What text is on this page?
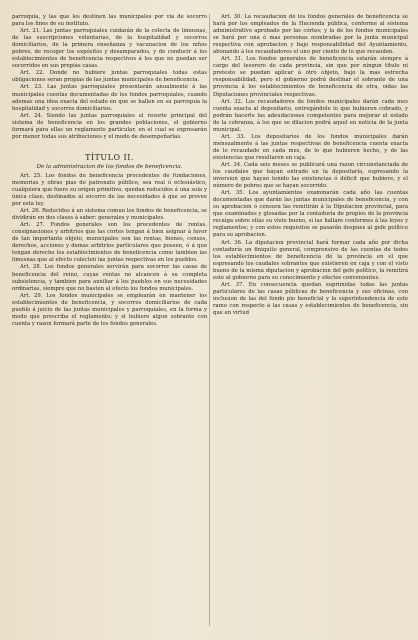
parroquia, y las que les destinen las municipales por via de socorro para los fines de su instituto.

Art. 21. Las juntas parroquiales cuidarán de la colecta de limosnas, de las suscripciones voluntarias, de la hospitalidad y socorros domiciliarios, de la primera enseñanza y vacunacion de los niños pobres, de recoger los expósitos y desamparados, y de conducir á los establecimientos de beneficencia respectivos á los que no puedan ser socorridos en sus propias casas.

Art. 22. Donde no hubiere juntas parroquiales todas estas obligaciones seran propias de las juntas municipales de beneficencia.

Art. 23. Las juntas parroquiales presentarán anualmente á las municipales cuentas documentadas de los fondos parroquiales, cuando ademas una idea exacta del estado en que se hallen en su parroquia la hospitalidad y socorros domiciliarios.

Art. 24. Siendo las juntas parroquiales el resorte principal del sistema de beneficencia en los grandes poblaciones, el gobierno formará para ellas un reglamento particular, en el cual se expresarán por menor todas sus atribuciones y el modo de desempeñarlas.

TÍTULO II.
De la administracion de los fondos de beneficencia.

Art. 25. Los fondos de beneficencia procedentes de fundaciones, memorias y obras pias de patronato público, sea real ó eclesiástico, cualquiera que fuere su origen primitivo, quedan reducidos á una sola y única clase, destinados al socorro de las necesidades á que se provee por esta ley.

Art. 26. Reducidos á un sistema comun los fondos de beneficencia, se dividirán en dos clases á saber: generales y municipales.

Art. 27. Fondos generales son los procedentes de rentas, consignaciones y arbitrios que las córtes tengan á bien asignar á favor de tan importante objeto, municipales son las rentas, bienes, censos, derechos, acciones y demas arbitrios particulares que poseen, ó á que tengan derecho los establecimientos de beneficencia como tambien las limosnas que al efecto colecten las juntas respectivas en los pueblos.

Art. 28. Los fondos generales servirán para socorrer las casas de beneficencia del reino, cuyas rentas no alcancen á su completa subsistencia, y tambien para auxiliar á los pueblos en sus necesidades ordinarias, siempre que no basten al efecto los fondos municipales.

Art. 29. Los fondos municipales se emplearán en mantener los establecimientos de beneficencia, y socorros domiciliarios de cada pueblo á juicio de las juntas municipales y parroquiales, en la forma y modo que prescriba el reglamento; y si hubiere algun sobrante con cuenta y razon formará parte de los fondos generales.

Art. 30. La recaudacion de los fondos generales de beneficencia se hará por los empleados de la Hacienda pública, conforme al sistema administrativo aprobado por las córtes; y la de los fondos municipales se hará por una ó mas personas nombradas por la junta municipal respectiva con aprobacion y bajo responsabilidad del Ayuntamiento, abonando á los recaudadores el uno por ciento de lo que recauden.

Art. 31. Los fondos generales de beneficencia estarán siempre á cargo del tesorero de cada provincia, sin que por ningun titulo ni pretesto se puedan aplicar á otro objeto, bajo la mas estrecha responsabilidad, pero el gobierno podrá destinar el sobrante de una provincia á los establecimientos de beneficencia de otra, oidas las Diputaciones provinciales respectivas.

Art. 32. Los recaudadores de fondos municipales darán cada mes cuenta exacta al depositario, entregándole lo que hubieren cobrado, y podrán hacerle las adeudaciones competentes para mejorar el estado de la cobranza, á los que se dilacion podrá aquel en noticia de la junta municipal.

Art. 33. Los depositarios de los fondos municipales darán mensualmente á las juntas respectivas de beneficencia cuenta exacta de lo recaudado en cada mes, de lo que hubieren hecho, y de las existencias que resultaren en caja.

Art. 34. Cada seis meses se publicará una razon circunstanciada de los caudales que hayan entrado en la depositaría, espresando la inversion que hayan tenido las existencias ó déficit que hubiere, y el número de pobres que se hayan socorrido.

Art. 35. Los ayuntamientos examinarán cada año las cuentas documentadas que darán las juntas municipales de beneficencia, y con su aprobacion ó censura las remitirán á la Diputacion provincial, para que examinadas y glosadas por la contaduría de propios de la provincia recaiga sobre ellas su visto bueno, si las hallare conformes á las leyes y reglamentos; y con estos requisitos se pasarán despues al gefe político para su aprobacion.

Art. 36. La diputacion provincial hará formar cada año por dicha contaduría un finiquito general, comprensivo de las cuentas de todos los establecimientos de beneficencia de la provincia en el que espresando los caudales sobrantes que existieren en caja y con el visto bueno de la misma diputacion y aprobacion del gefe político, la remitirá este al gobierno para su conocimiento y efectos convenientes.

Art. 37. En consecuencia quedan suprimidas todas las juntas particulares de las casas públicas de beneficencia y sus oficinas, con inclusion de las del fondo pio beneficial y la superintendencia de este ramo con respecto á las casas y establecimientos de beneficencia, sin que en virtud
